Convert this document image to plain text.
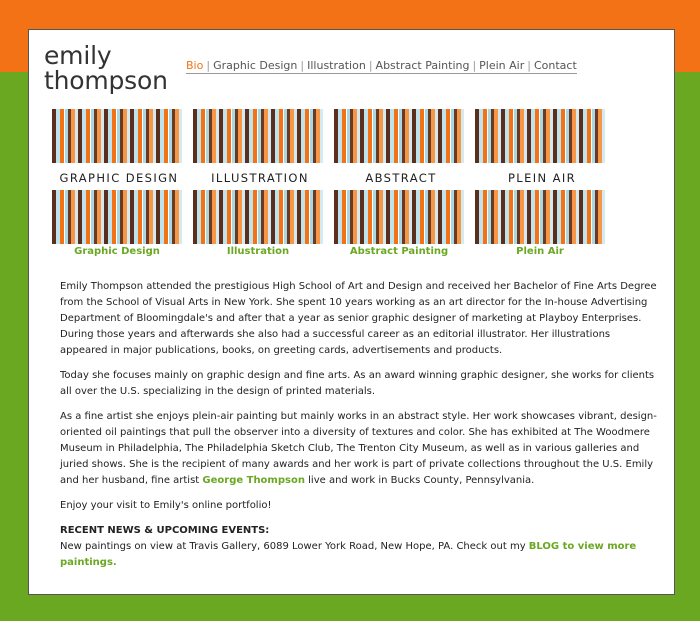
emily
thompson
Bio | Graphic Design | Illustration | Abstract Painting | Plein Air | Contact
GRAPHIC DESIGN	ILLUSTRATION	ABSTRACT	PLEIN AIR
Graphic Design	Illustration	Abstract Painting	Plein Air

Emily Thompson attended the prestigious High School of Art and Design and received her Bachelor of Fine Arts Degree from the School of Visual Arts in New York. She spent 10 years working as an art director for the In-house Advertising Department of Bloomingdale's and after that a year as senior graphic designer of marketing at Playboy Enterprises. During those years and afterwards she also had a successful career as an editorial illustrator. Her illustrations appeared in major publications, books, on greeting cards, advertisements and products.

Today she focuses mainly on graphic design and fine arts. As an award winning graphic designer, she works for clients all over the U.S. specializing in the design of printed materials.

As a fine artist she enjoys plein-air painting but mainly works in an abstract style. Her work showcases vibrant, design-oriented oil paintings that pull the observer into a diversity of textures and color. She has exhibited at The Woodmere Museum in Philadelphia, The Philadelphia Sketch Club, The Trenton City Museum, as well as in various galleries and juried shows. She is the recipient of many awards and her work is part of private collections throughout the U.S. Emily and her husband, fine artist George Thompson live and work in Bucks County, Pennsylvania.

Enjoy your visit to Emily's online portfolio!

RECENT NEWS & UPCOMING EVENTS:
New paintings on view at Travis Gallery, 6089 Lower York Road, New Hope, PA. Check out my BLOG to view more paintings.
